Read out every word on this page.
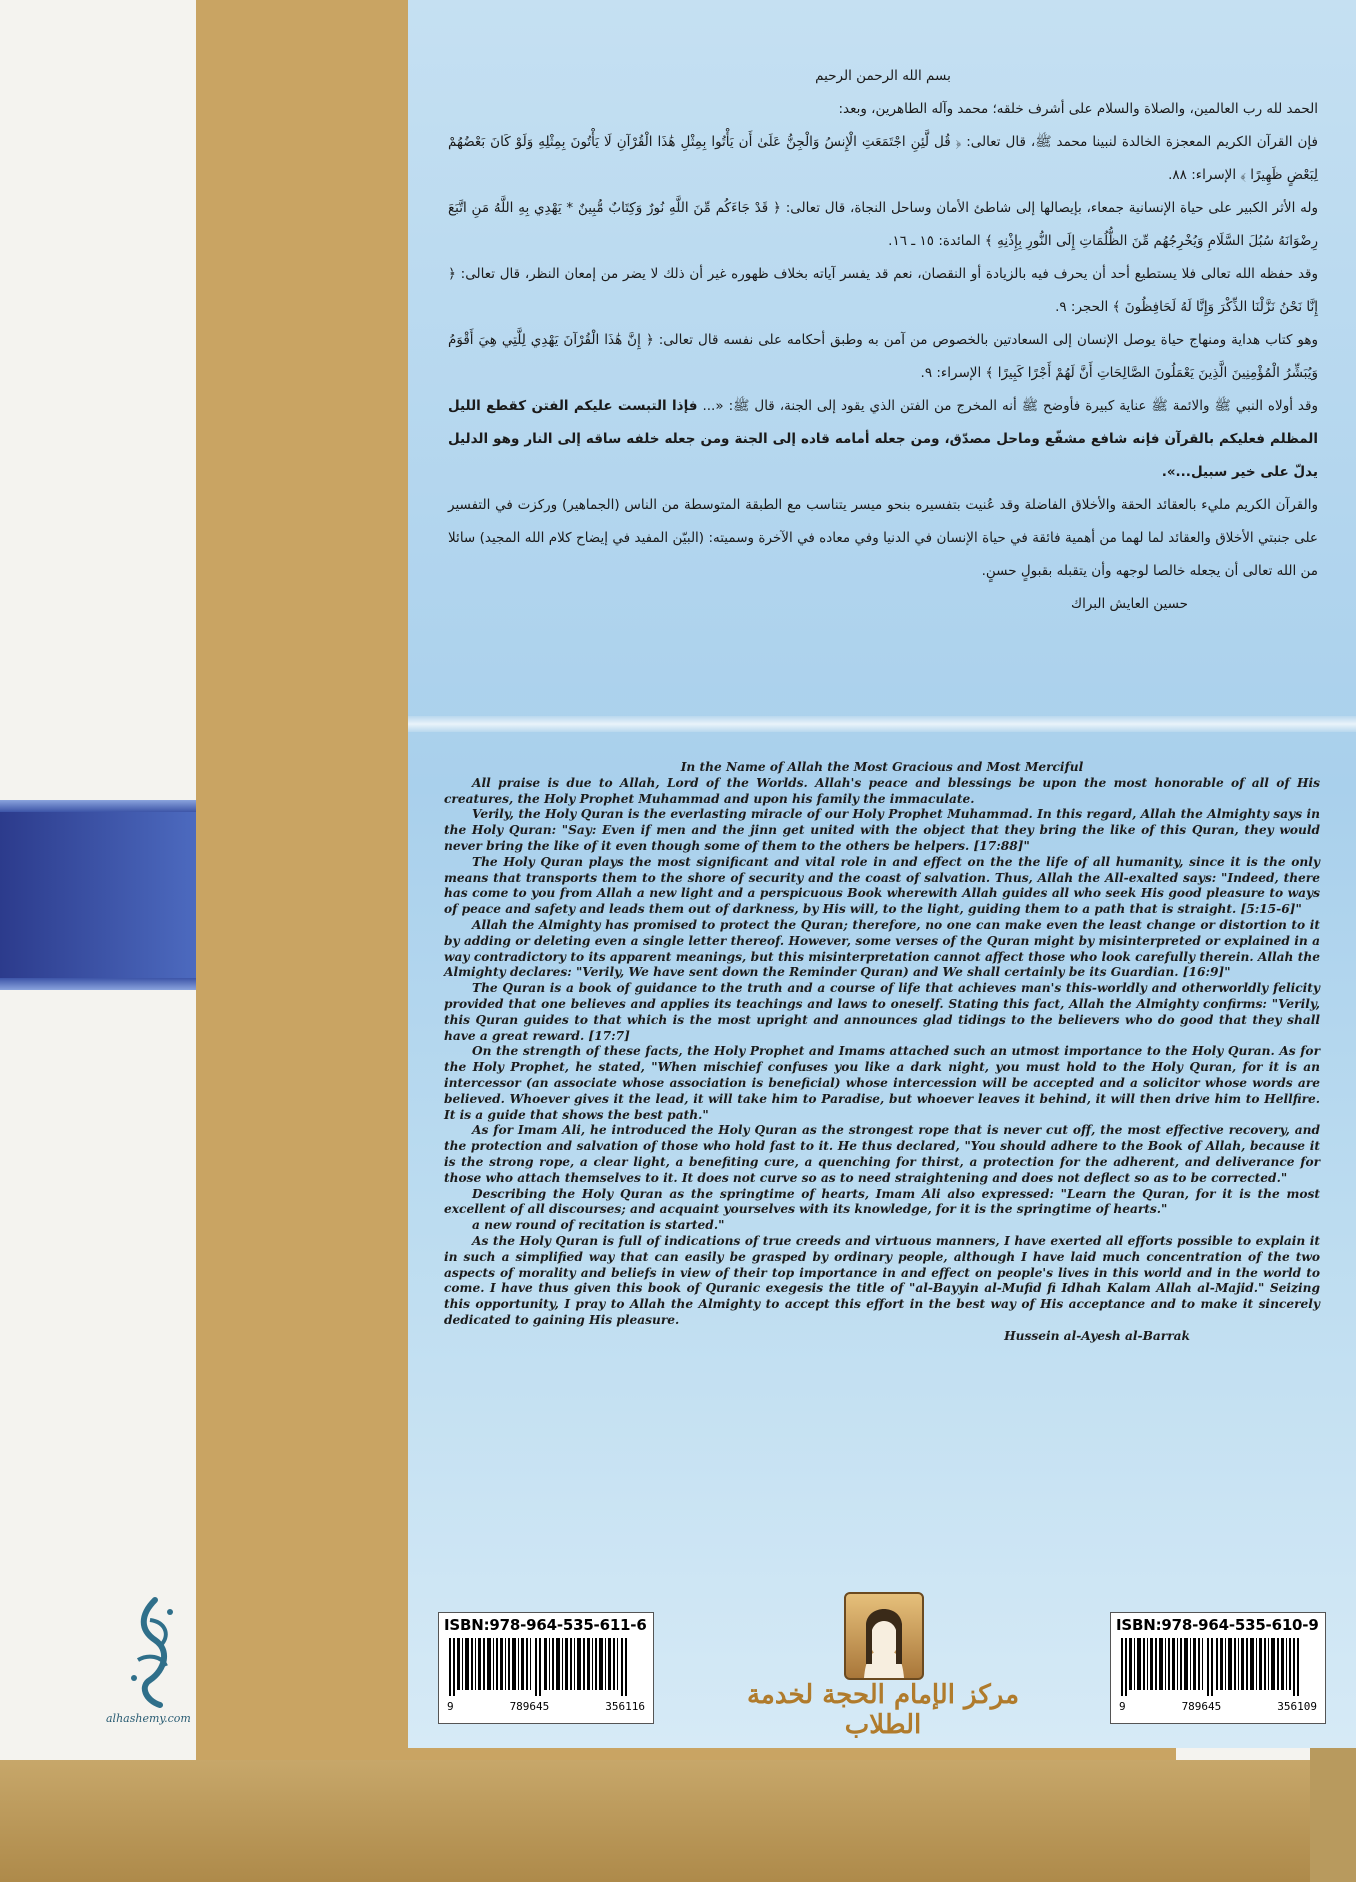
بسم الله الرحمن الرحيم

الحمد لله رب العالمين، والصلاة والسلام على أشرف خلقه؛ محمد وآله الطاهرين، وبعد:

فإن القرآن الكريم المعجزة الخالدة لنبينا محمد ﷺ، قال تعالى: ﴿ قُل لَّئِنِ اجْتَمَعَتِ الْإِنسُ وَالْجِنُّ عَلَىٰ أَن يَأْتُوا بِمِثْلِ هَٰذَا الْقُرْآنِ لَا يَأْتُونَ بِمِثْلِهِ وَلَوْ كَانَ بَعْضُهُمْ لِبَعْضٍ ظَهِيرًا ﴾ الإسراء: ٨٨.

وله الأثر الكبير على حياة الإنسانية جمعاء، بإيصالها إلى شاطئ الأمان وساحل النجاة، قال تعالى: ﴿ قَدْ جَاءَكُم مِّنَ اللَّهِ نُورٌ وَكِتَابٌ مُّبِينٌ * يَهْدِي بِهِ اللَّهُ مَنِ اتَّبَعَ رِضْوَانَهُ سُبُلَ السَّلَامِ وَيُخْرِجُهُم مِّنَ الظُّلُمَاتِ إِلَى النُّورِ بِإِذْنِهِ ﴾ المائدة: ١٥ ـ ١٦.

وقد حفظه الله تعالى فلا يستطيع أحد أن يحرف فيه بالزيادة أو النقصان، نعم قد يفسر آياته بخلاف ظهوره غير أن ذلك لا يضر من إمعان النظر، قال تعالى: ﴿ إِنَّا نَحْنُ نَزَّلْنَا الذِّكْرَ وَإِنَّا لَهُ لَحَافِظُونَ ﴾ الحجر: ٩.

وهو كتاب هداية ومنهاج حياة يوصل الإنسان إلى السعادتين بالخصوص من آمن به وطبق أحكامه على نفسه قال تعالى: ﴿ إِنَّ هَٰذَا الْقُرْآنَ يَهْدِي لِلَّتِي هِيَ أَقْوَمُ وَيُبَشِّرُ الْمُؤْمِنِينَ الَّذِينَ يَعْمَلُونَ الصَّالِحَاتِ أَنَّ لَهُمْ أَجْرًا كَبِيرًا ﴾ الإسراء: ٩.

وقد أولاه النبي ﷺ والائمة ﷺ عناية كبيرة فأوضح ﷺ أنه المخرج من الفتن الذي يقود إلى الجنة، قال ﷺ: «... فإذا التبست عليكم الفتن كقطع الليل المظلم فعليكم بالقرآن فإنه شافع مشفّع وماحل مصدّق، ومن جعله أمامه قاده إلى الجنة ومن جعله خلفه ساقه إلى النار وهو الدليل يدلّ على خير سبيل...».

والقرآن الكريم مليء بالعقائد الحقة والأخلاق الفاضلة وقد عُنيت بتفسيره بنحو ميسر يتناسب مع الطبقة المتوسطة من الناس (الجماهير) وركزت في التفسير على جنبتي الأخلاق والعقائد لما لهما من أهمية فائقة في حياة الإنسان في الدنيا وفي معاده في الآخرة وسميته: (البيّن المفيد في إيضاح كلام الله المجيد) سائلا من الله تعالى أن يجعله خالصا لوجهه وأن يتقبله بقبولٍ حسنٍ.

حسين العايش البراك

In the Name of Allah the Most Gracious and Most Merciful

All praise is due to Allah, Lord of the Worlds. Allah's peace and blessings be upon the most honorable of all of His creatures, the Holy Prophet Muhammad and upon his family the immaculate.

Verily, the Holy Quran is the everlasting miracle of our Holy Prophet Muhammad. In this regard, Allah the Almighty says in the Holy Quran: "Say: Even if men and the jinn get united with the object that they bring the like of this Quran, they would never bring the like of it even though some of them to the others be helpers. [17:88]"

The Holy Quran plays the most significant and vital role in and effect on the the life of all humanity, since it is the only means that transports them to the shore of security and the coast of salvation. Thus, Allah the All-exalted says: "Indeed, there has come to you from Allah a new light and a perspicuous Book wherewith Allah guides all who seek His good pleasure to ways of peace and safety and leads them out of darkness, by His will, to the light, guiding them to a path that is straight. [5:15-6]"

Allah the Almighty has promised to protect the Quran; therefore, no one can make even the least change or distortion to it by adding or deleting even a single letter thereof. However, some verses of the Quran might by misinterpreted or explained in a way contradictory to its apparent meanings, but this misinterpretation cannot affect those who look carefully therein. Allah the Almighty declares: "Verily, We have sent down the Reminder Quran) and We shall certainly be its Guardian. [16:9]"

The Quran is a book of guidance to the truth and a course of life that achieves man's this-worldly and otherworldly felicity provided that one believes and applies its teachings and laws to oneself. Stating this fact, Allah the Almighty confirms: "Verily, this Quran guides to that which is the most upright and announces glad tidings to the believers who do good that they shall have a great reward. [17:7]

On the strength of these facts, the Holy Prophet and Imams attached such an utmost importance to the Holy Quran. As for the Holy Prophet, he stated, "When mischief confuses you like a dark night, you must hold to the Holy Quran, for it is an intercessor (an associate whose association is beneficial) whose intercession will be accepted and a solicitor whose words are believed. Whoever gives it the lead, it will take him to Paradise, but whoever leaves it behind, it will then drive him to Hellfire. It is a guide that shows the best path."

As for Imam Ali, he introduced the Holy Quran as the strongest rope that is never cut off, the most effective recovery, and the protection and salvation of those who hold fast to it. He thus declared, "You should adhere to the Book of Allah, because it is the strong rope, a clear light, a benefiting cure, a quenching for thirst, a protection for the adherent, and deliverance for those who attach themselves to it. It does not curve so as to need straightening and does not deflect so as to be corrected."

Describing the Holy Quran as the springtime of hearts, Imam Ali also expressed: "Learn the Quran, for it is the most excellent of all discourses; and acquaint yourselves with its knowledge, for it is the springtime of hearts."

a new round of recitation is started."

As the Holy Quran is full of indications of true creeds and virtuous manners, I have exerted all efforts possible to explain it in such a simplified way that can easily be grasped by ordinary people, although I have laid much concentration of the two aspects of morality and beliefs in view of their top importance in and effect on people's lives in this world and in the world to come. I have thus given this book of Quranic exegesis the title of "al-Bayyin al-Mufid fi Idhah Kalam Allah al-Majid." Seizing this opportunity, I pray to Allah the Almighty to accept this effort in the best way of His acceptance and to make it sincerely dedicated to gaining His pleasure.

Hussein al-Ayesh al-Barrak

ISBN:978-964-535-611-6
9	789645	356116
ISBN:978-964-535-610-9
9	789645	356109
مركز الإمام الحجة لخدمة الطلاب
alhashemy.com
